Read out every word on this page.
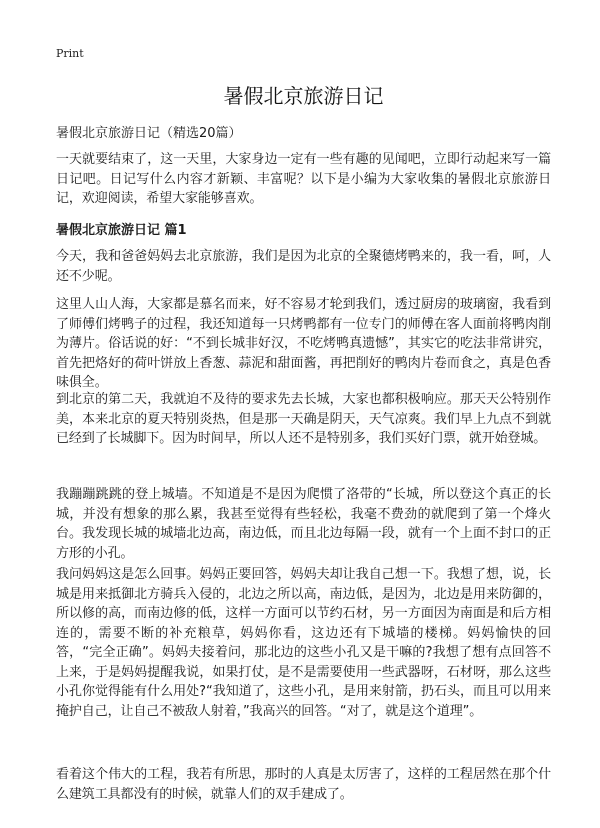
Print
暑假北京旅游日记

暑假北京旅游日记（精选20篇）

一天就要结束了，这一天里，大家身边一定有一些有趣的见闻吧，立即行动起来写一篇日记吧。日记写什么内容才新颖、丰富呢？以下是小编为大家收集的暑假北京旅游日记，欢迎阅读，希望大家能够喜欢。

暑假北京旅游日记 篇1

今天，我和爸爸妈妈去北京旅游，我们是因为北京的全聚德烤鸭来的，我一看，呵，人还不少呢。

这里人山人海，大家都是慕名而来，好不容易才轮到我们，透过厨房的玻璃窗，我看到了师傅们烤鸭子的过程，我还知道每一只烤鸭都有一位专门的师傅在客人面前将鸭肉削为薄片。俗话说的好：“不到长城非好汉，不吃烤鸭真遗憾”，其实它的吃法非常讲究，首先把烙好的荷叶饼放上香葱、蒜泥和甜面酱，再把削好的鸭肉片卷而食之，真是色香味俱全。

到北京的第二天，我就迫不及待的要求先去长城，大家也都积极响应。那天天公特别作美，本来北京的夏天特别炎热，但是那一天确是阴天，天气凉爽。我们早上九点不到就已经到了长城脚下。因为时间早，所以人还不是特别多，我们买好门票，就开始登城。

我蹦蹦跳跳的登上城墙。不知道是不是因为爬惯了洛带的“长城，所以登这个真正的长城，并没有想象的那么累，我甚至觉得有些轻松，我毫不费劲的就爬到了第一个烽火台。我发现长城的城墙北边高，南边低，而且北边每隔一段，就有一个上面不封口的正方形的小孔。

我问妈妈这是怎么回事。妈妈正要回答，妈妈夫却让我自己想一下。我想了想，说，长城是用来抵御北方骑兵入侵的，北边之所以高，南边低，是因为，北边是用来防御的，所以修的高，而南边修的低，这样一方面可以节约石材，另一方面因为南面是和后方相连的，需要不断的补充粮草，妈妈你看，这边还有下城墙的楼梯。妈妈愉快的回答，“完全正确”。妈妈夫接着问，那北边的这些小孔又是干嘛的?我想了想有点回答不上来，于是妈妈提醒我说，如果打仗，是不是需要使用一些武器呀，石材呀，那么这些小孔你觉得能有什么用处?“我知道了，这些小孔，是用来射箭，扔石头，而且可以用来掩护自己，让自己不被敌人射着，”我高兴的回答。“对了，就是这个道理”。

看着这个伟大的工程，我若有所思，那时的人真是太厉害了，这样的工程居然在那个什么建筑工具都没有的时候，就靠人们的双手建成了。
